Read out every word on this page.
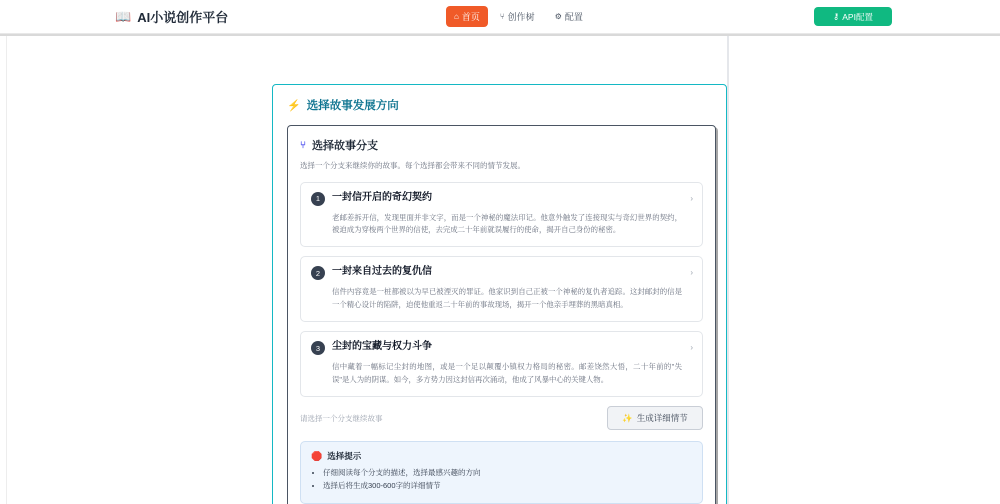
📖 AI小说创作平台	⌂ 首页	⑂ 创作树	⚙ 配置	⚷ API配置
⚡ 选择故事发展方向
⑂ 选择故事分支
选择一个分支来继续你的故事。每个选择都会带来不同的情节发展。
1	一封信开启的奇幻契约
老邮差拆开信，发现里面并非文字，而是一个神秘的魔法印记。他意外触发了连接现实与奇幻世界的契约，被迫成为穿梭两个世界的信使，去完成二十年前就误履行的使命，揭开自己身份的秘密。
›
2	一封来自过去的复仇信
信件内容竟是一桩都被以为早已被湮灭的罪证。他家识到自己正被一个神秘的复仇者追踪。这封邮封的信是一个精心设计的陷阱，迫使他重返二十年前的事故现场，揭开一个他亲手埋葬的黑暗真相。
›
3	尘封的宝藏与权力斗争
信中藏着一幅标记尘封的地图，或是一个足以颠覆小镇权力格局的秘密。邮差饶然大悟，二十年前的"失误"是人为的阴谋。如今，多方势力因这封信再次涌动，他成了风暴中心的关键人物。
›
请选择一个分支继续故事	✨ 生成详细情节
🛑 选择提示
• 仔细阅读每个分支的描述，选择最感兴趣的方向
• 选择后将生成300-600字的详细情节
